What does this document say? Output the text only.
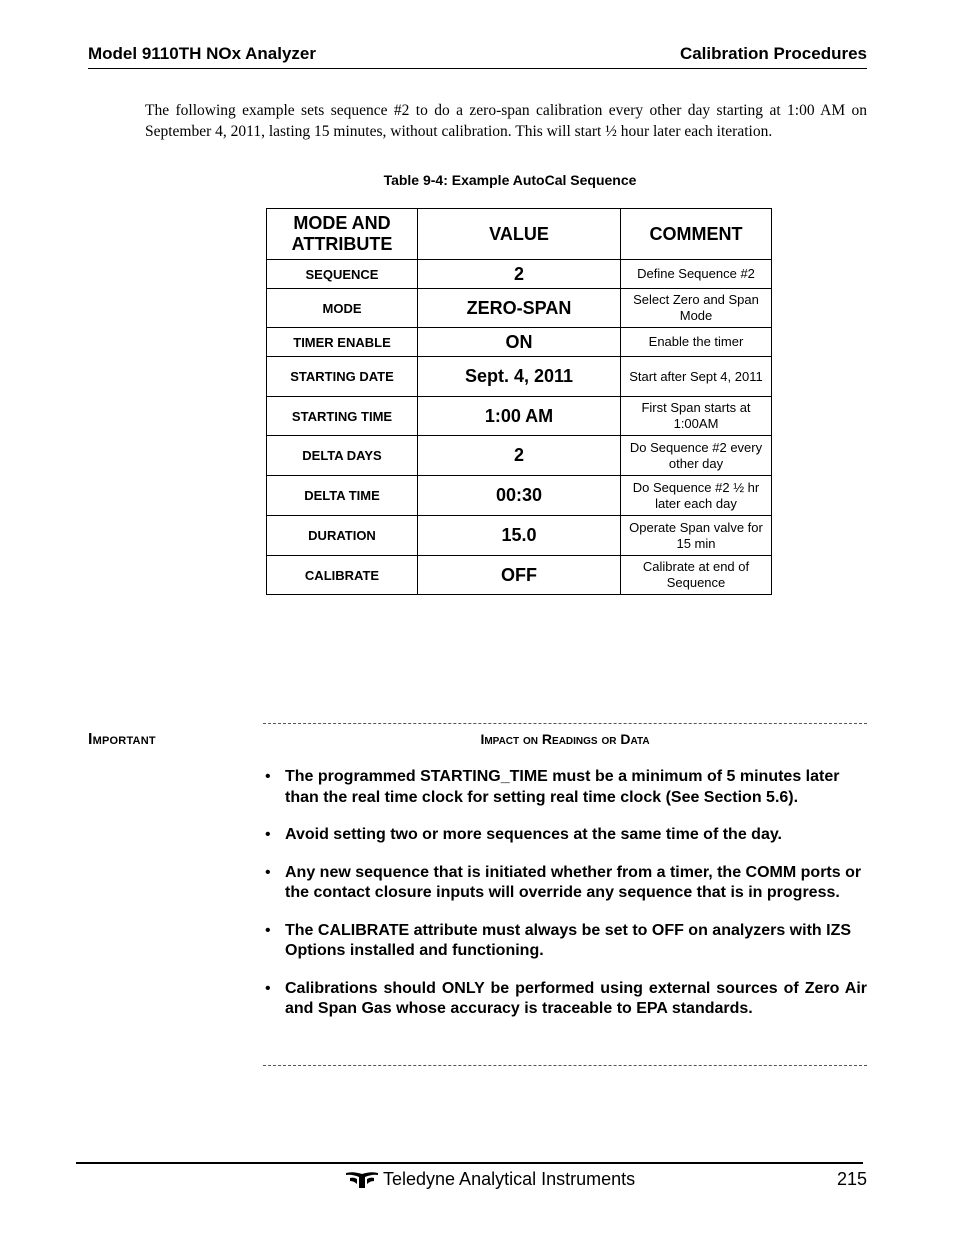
Model 9110TH NOx Analyzer	Calibration Procedures

The following example sets sequence #2 to do a zero-span calibration every other day starting at 1:00 AM on September 4, 2011, lasting 15 minutes, without calibration. This will start ½ hour later each iteration.

Table 9-4: Example AutoCal Sequence
MODE AND ATTRIBUTE	VALUE	COMMENT
SEQUENCE	2	Define Sequence #2
MODE	ZERO-SPAN	Select Zero and Span Mode
TIMER ENABLE	ON	Enable the timer
STARTING DATE	Sept. 4, 2011	Start after Sept 4, 2011
STARTING TIME	1:00 AM	First Span starts at 1:00AM
DELTA DAYS	2	Do Sequence #2 every other day
DELTA TIME	00:30	Do Sequence #2 ½ hr later each day
DURATION	15.0	Operate Span valve for 15 min
CALIBRATE	OFF	Calibrate at end of Sequence
Important	Impact on Readings or Data
• The programmed STARTING_TIME must be a minimum of 5 minutes later than the real time clock for setting real time clock (See Section 5.6).
• Avoid setting two or more sequences at the same time of the day.
• Any new sequence that is initiated whether from a timer, the COMM ports or the contact closure inputs will override any sequence that is in progress.
• The CALIBRATE attribute must always be set to OFF on analyzers with IZS Options installed and functioning.
• Calibrations should ONLY be performed using external sources of Zero Air and Span Gas whose accuracy is traceable to EPA standards.
Teledyne Analytical Instruments	215
